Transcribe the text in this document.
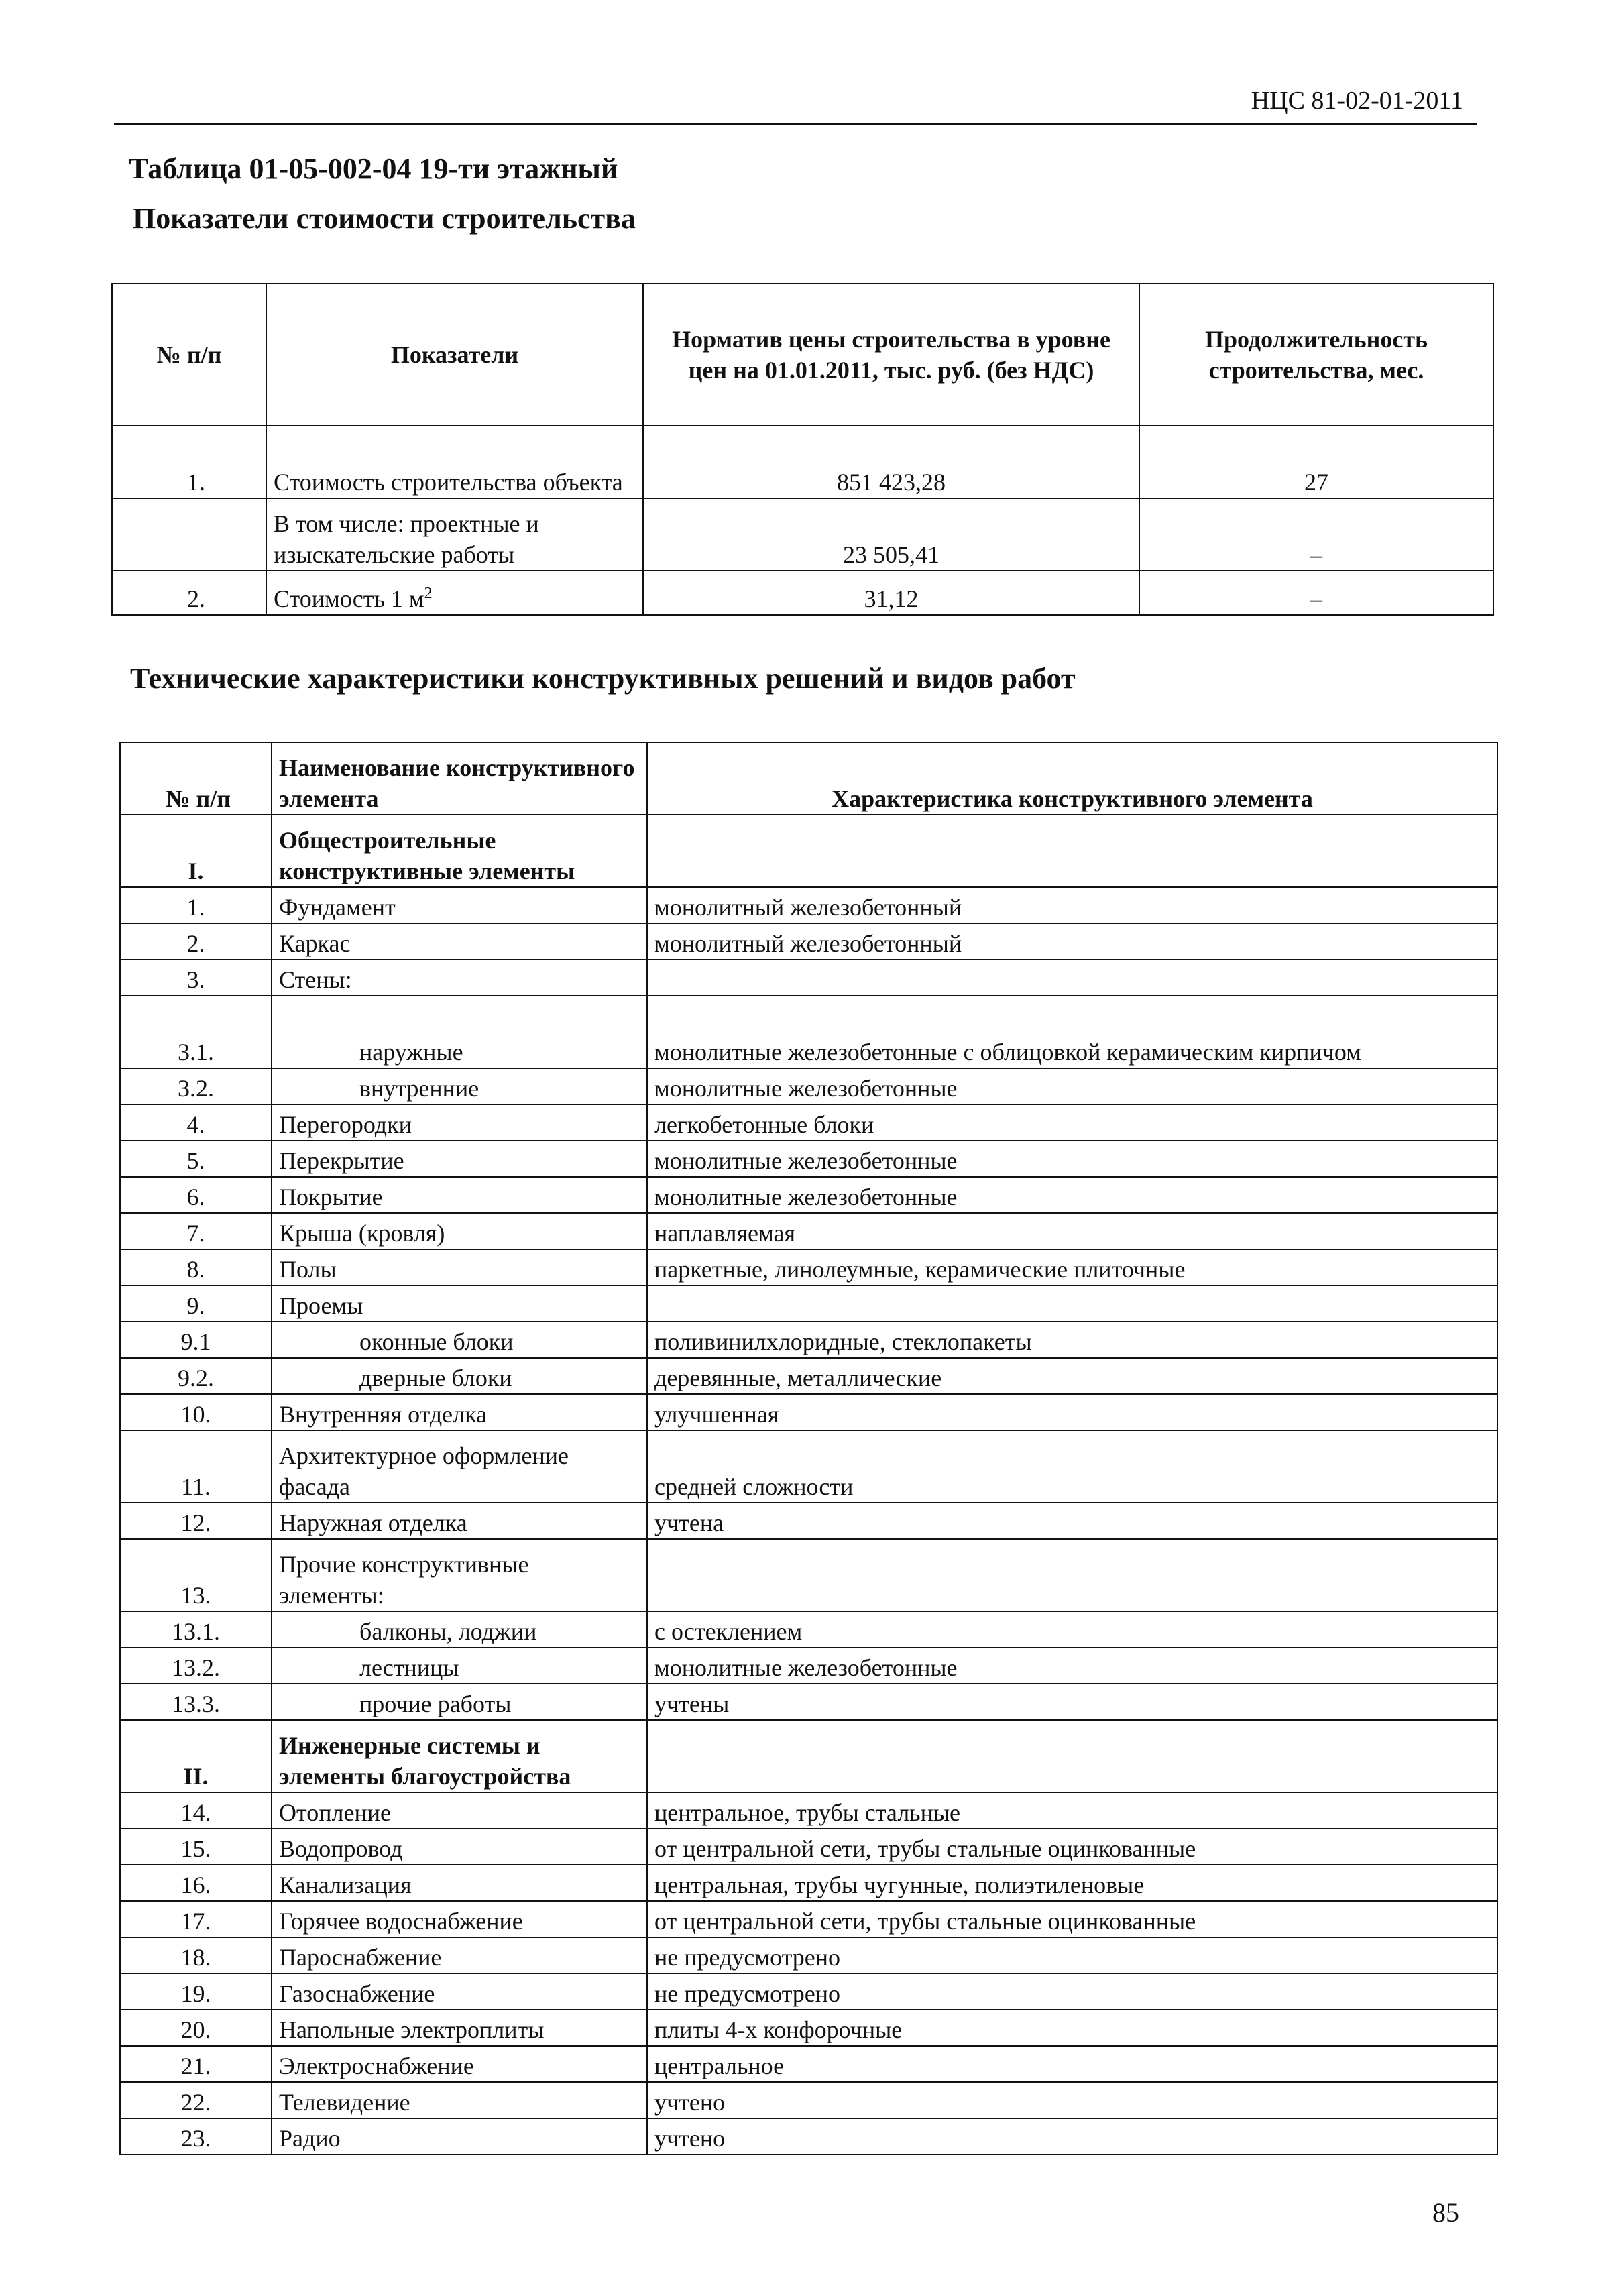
НЦС 81-02-01-2011
Таблица 01-05-002-04 19-ти этажный
Показатели стоимости строительства
№ п/п	Показатели	Норматив цены строительства в уровне цен на 01.01.2011, тыс. руб. (без НДС)	Продолжительность строительства, мес.
1.	Стоимость строительства объекта	851 423,28	27
	В том числе: проектные и изыскательские работы	23 505,41	–
2.	Стоимость 1 $м^2$	31,12	–
Технические характеристики конструктивных решений и видов работ
№ п/п	Наименование конструктивного элемента	Характеристика конструктивного элемента
I.	Общестроительные конструктивные элементы	
1.	Фундамент	монолитный железобетонный
2.	Каркас	монолитный железобетонный
3.	Стены:	
3.1.	наружные	монолитные железобетонные с облицовкой керамическим кирпичом
3.2.	внутренние	монолитные железобетонные
4.	Перегородки	легкобетонные блоки
5.	Перекрытие	монолитные железобетонные
6.	Покрытие	монолитные железобетонные
7.	Крыша (кровля)	наплавляемая
8.	Полы	паркетные, линолеумные, керамические плиточные
9.	Проемы	
9.1	оконные блоки	поливинилхлоридные, стеклопакеты
9.2.	дверные блоки	деревянные, металлические
10.	Внутренняя отделка	улучшенная
11.	Архитектурное оформление фасада	средней сложности
12.	Наружная отделка	учтена
13.	Прочие конструктивные элементы:	
13.1.	балконы, лоджии	с остеклением
13.2.	лестницы	монолитные железобетонные
13.3.	прочие работы	учтены
II.	Инженерные системы и элементы благоустройства	
14.	Отопление	центральное, трубы стальные
15.	Водопровод	от центральной сети, трубы стальные оцинкованные
16.	Канализация	центральная, трубы чугунные, полиэтиленовые
17.	Горячее водоснабжение	от центральной сети, трубы стальные оцинкованные
18.	Пароснабжение	не предусмотрено
19.	Газоснабжение	не предусмотрено
20.	Напольные электроплиты	плиты 4-х конфорочные
21.	Электроснабжение	центральное
22.	Телевидение	учтено
23.	Радио	учтено
85
